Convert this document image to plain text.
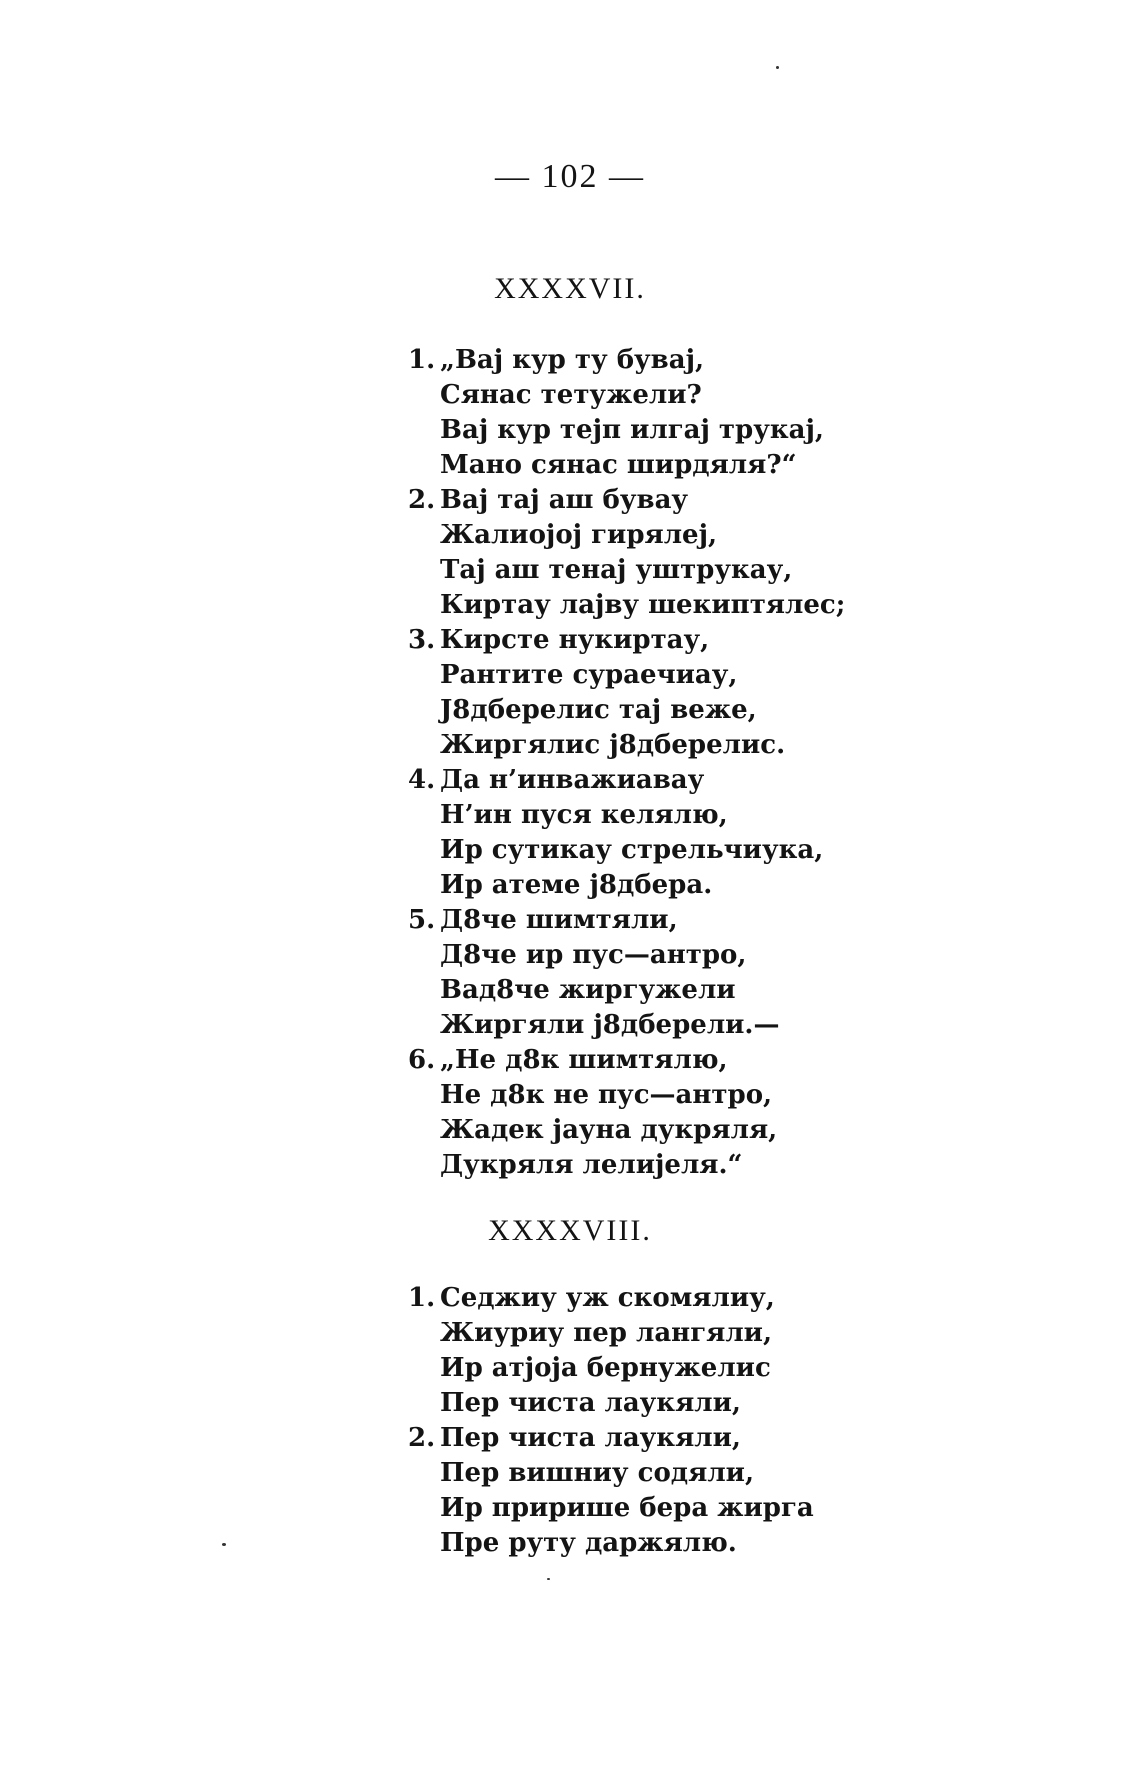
— 102 —
XXXXVII.
1. „Вај кур ту бувај,
Сянас тетужели?
Вај кур тејп илгај трукај,
Мано сянас ширдяля?“
2. Вај тај аш бувау
Жалиојој гирялеј,
Тај аш тенај уштрукау,
Киртау лајву шекиптялес;
3. Кирсте нукиртау,
Рантите сураечиау,
Ј8дберелис тај веже,
Жиргялис ј8дберелис.
4. Да н’инважиавау
Н’ин пуся келялю,
Ир сутикау стрельчиука,
Ир атеме ј8дбера.
5. Д8че шимтяли,
Д8че ир пус—антро,
Вад8че жиргужели
Жиргяли ј8дберели.—
6. „Не д8к шимтялю,
Не д8к не пус—антро,
Жадек јауна дукряля,
Дукряля лелијеля.“
XXXXVIII.
1. Седжиу уж скомялиу,
Жиуриу пер лангяли,
Ир атјоја бернужелис
Пер чиста лаукяли,
2. Пер чиста лаукяли,
Пер вишниу содяли,
Ир пририше бера жирга
Пре руту даржялю.
